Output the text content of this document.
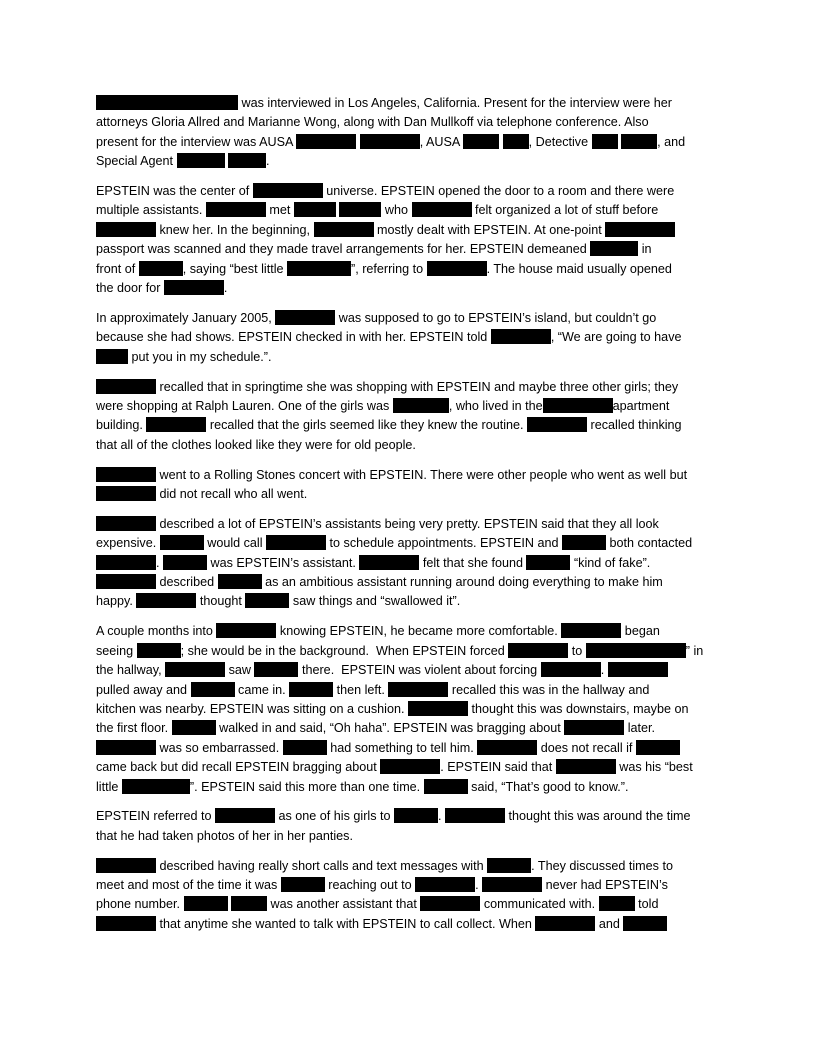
was interviewed in Los Angeles, California. Present for the interview were her
attorneys Gloria Allred and Marianne Wong, along with Dan Mullkoff via telephone conference. Also
present for the interview was AUSA	, AUSA	, Detective	, and
Special Agent	.
EPSTEIN was the center of	universe. EPSTEIN opened the door to a room and there were
multiple assistants.	met	who	felt organized a lot of stuff before
knew her. In the beginning,	mostly dealt with EPSTEIN. At one-point
passport was scanned and they made travel arrangements for her. EPSTEIN demeaned	in
front of	, saying “best little	”, referring to	. The house maid usually opened
the door for	.
In approximately January 2005,	was supposed to go to EPSTEIN’s island, but couldn’t go
because she had shows. EPSTEIN checked in with her. EPSTEIN told	, “We are going to have
put you in my schedule.”.
recalled that in springtime she was shopping with EPSTEIN and maybe three other girls; they
were shopping at Ralph Lauren. One of the girls was	, who lived in the	apartment
building.	recalled that the girls seemed like they knew the routine.	recalled thinking
that all of the clothes looked like they were for old people.
went to a Rolling Stones concert with EPSTEIN. There were other people who went as well but
did not recall who all went.
described a lot of EPSTEIN’s assistants being very pretty. EPSTEIN said that they all look
expensive.	would call	to schedule appointments. EPSTEIN and	both contacted
.	was EPSTEIN’s assistant.	felt that she found	“kind of fake”.
described	as an ambitious assistant running around doing everything to make him
happy.	thought	saw things and “swallowed it”.
A couple months into	knowing EPSTEIN, he became more comfortable.	began
seeing	; she would be in the background.  When EPSTEIN forced	to	” in
the hallway,	saw	there.  EPSTEIN was violent about forcing	.
pulled away and	came in.	then left.	recalled this was in the hallway and
kitchen was nearby. EPSTEIN was sitting on a cushion.	thought this was downstairs, maybe on
the first floor.	walked in and said, “Oh haha”. EPSTEIN was bragging about	later.
was so embarrassed.	had something to tell him.	does not recall if
came back but did recall EPSTEIN bragging about	. EPSTEIN said that	was his “best
little	”. EPSTEIN said this more than one time.	said, “That’s good to know.”.
EPSTEIN referred to	as one of his girls to	.	thought this was around the time
that he had taken photos of her in her panties.
described having really short calls and text messages with	. They discussed times to
meet and most of the time it was	reaching out to	.	never had EPSTEIN’s
phone number.	was another assistant that	communicated with.	told
that anytime she wanted to talk with EPSTEIN to call collect. When	and
